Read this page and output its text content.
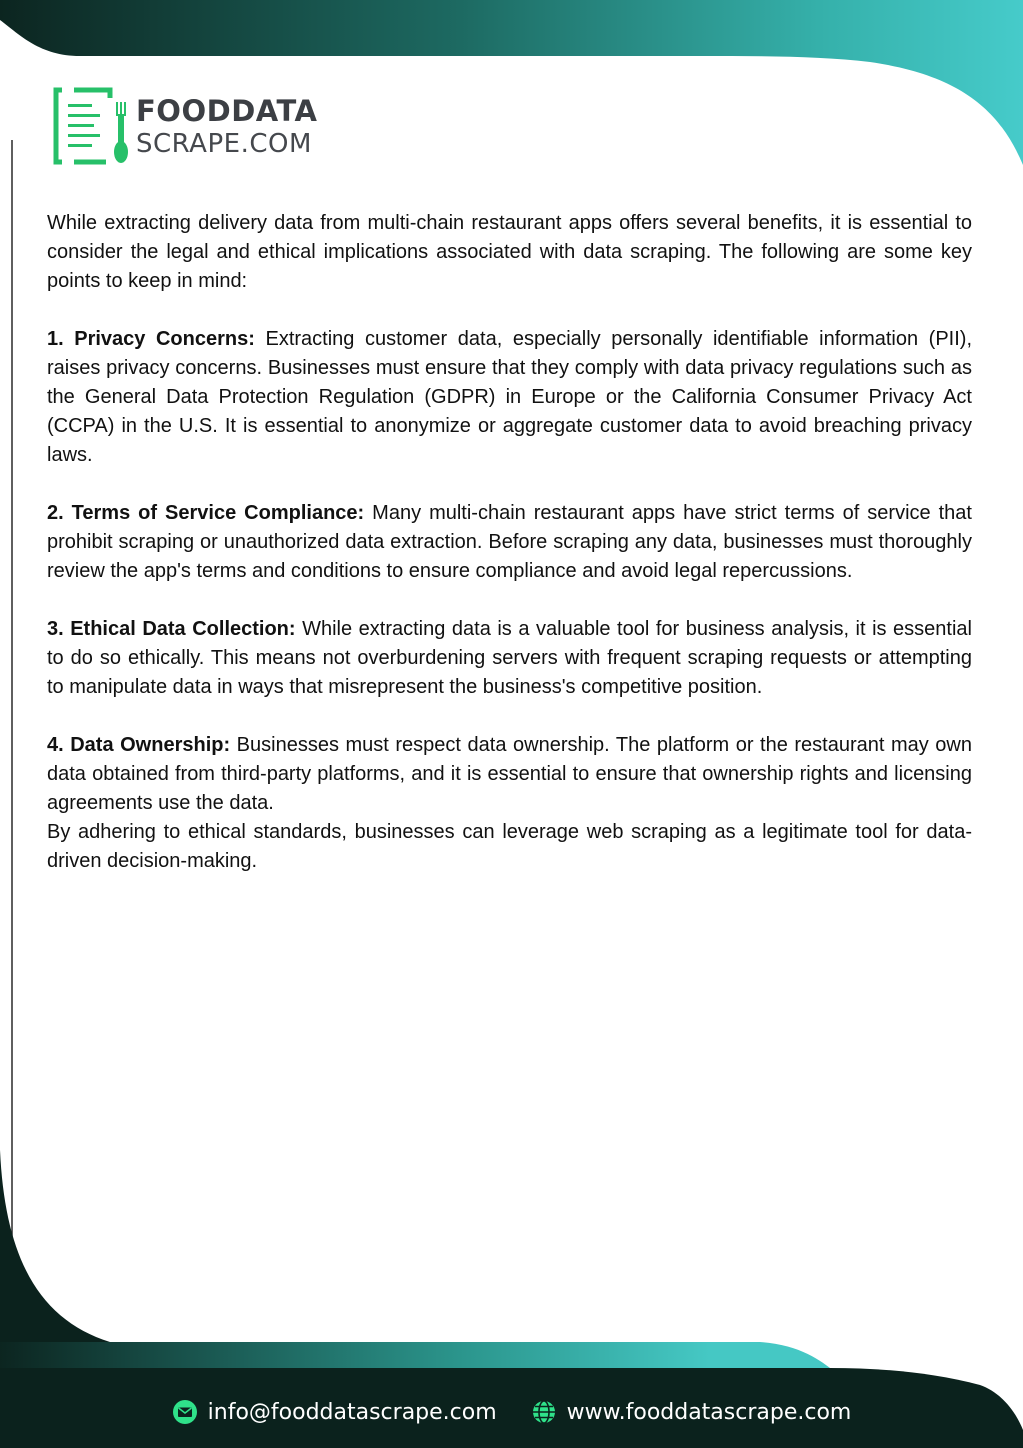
FOODDATA
SCRAPE.COM

While extracting delivery data from multi-chain restaurant apps offers several benefits, it is essential to consider the legal and ethical implications associated with data scraping. The following are some key points to keep in mind:

1. Privacy Concerns: Extracting customer data, especially personally identifiable information (PII), raises privacy concerns. Businesses must ensure that they comply with data privacy regulations such as the General Data Protection Regulation (GDPR) in Europe or the California Consumer Privacy Act (CCPA) in the U.S. It is essential to anonymize or aggregate customer data to avoid breaching privacy laws.

2. Terms of Service Compliance: Many multi-chain restaurant apps have strict terms of service that prohibit scraping or unauthorized data extraction. Before scraping any data, businesses must thoroughly review the app's terms and conditions to ensure compliance and avoid legal repercussions.

3. Ethical Data Collection: While extracting data is a valuable tool for business analysis, it is essential to do so ethically. This means not overburdening servers with frequent scraping requests or attempting to manipulate data in ways that misrepresent the business's competitive position.

4. Data Ownership: Businesses must respect data ownership. The platform or the restaurant may own data obtained from third-party platforms, and it is essential to ensure that ownership rights and licensing agreements use the data.

By adhering to ethical standards, businesses can leverage web scraping as a legitimate tool for data-driven decision-making.

info@fooddatascrape.com	www.fooddatascrape.com
